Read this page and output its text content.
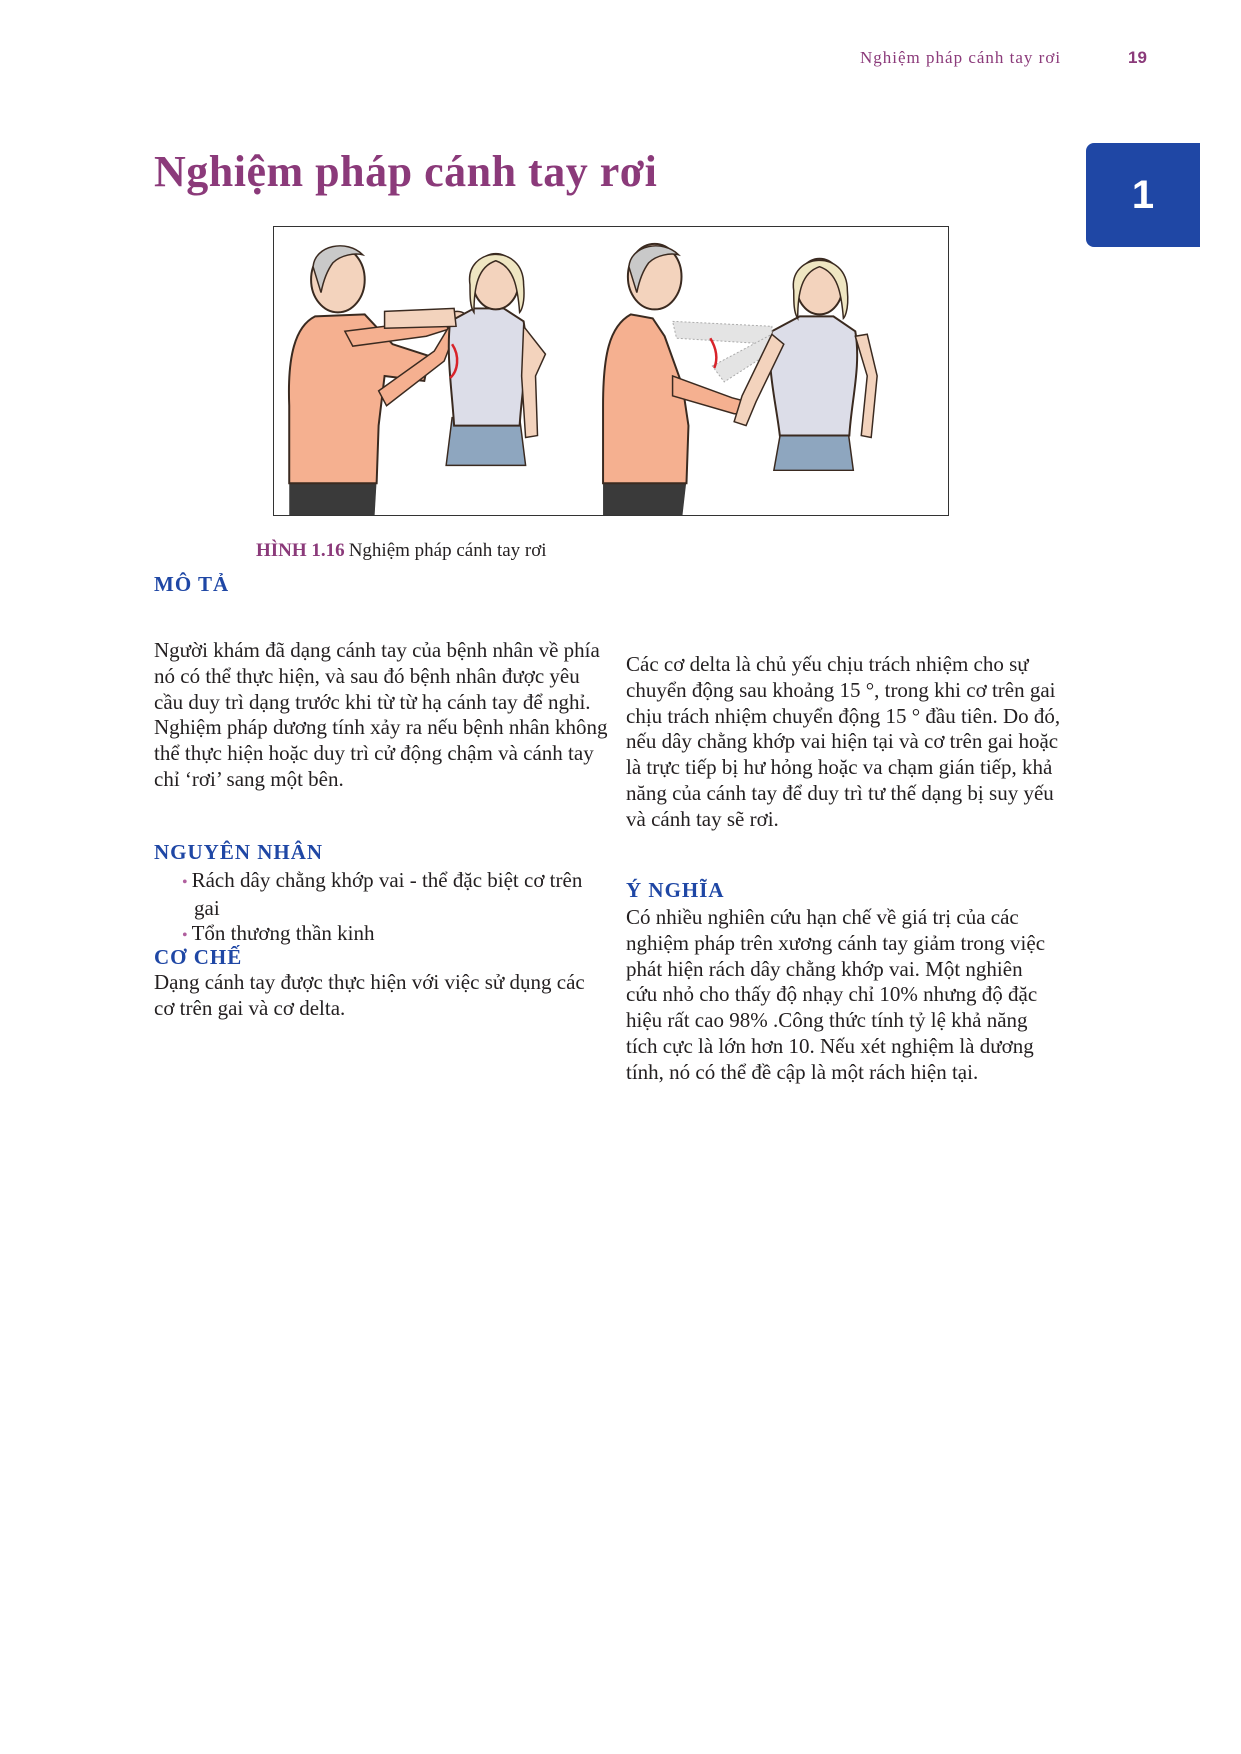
Nghiệm pháp cánh tay rơi	19
1
Nghiệm pháp cánh tay rơi
HÌNH 1.16 Nghiệm pháp cánh tay rơi
MÔ TẢ

Người khám đã dạng cánh tay của bệnh nhân về phía nó có thể thực hiện, và sau đó bệnh nhân được yêu cầu duy trì dạng trước khi từ từ hạ cánh tay để nghỉ. Nghiệm pháp dương tính xảy ra nếu bệnh nhân không thể thực hiện hoặc duy trì cử động chậm và cánh tay chỉ ‘rơi’ sang một bên.

NGUYÊN NHÂN
• Rách dây chằng khớp vai - thể đặc biệt cơ trên gai
• Tổn thương thần kinh
CƠ CHẾ

Dạng cánh tay được thực hiện với việc sử dụng các cơ trên gai và cơ delta.

Các cơ delta là chủ yếu chịu trách nhiệm cho sự chuyển động sau khoảng 15 °, trong khi cơ trên gai chịu trách nhiệm chuyển động 15 ° đầu tiên. Do đó, nếu dây chằng khớp vai hiện tại và cơ trên gai hoặc là trực tiếp bị hư hỏng hoặc va chạm gián tiếp, khả năng của cánh tay để duy trì tư thế dạng bị suy yếu và cánh tay sẽ rơi.

Ý NGHĨA

Có nhiều nghiên cứu hạn chế về giá trị của các nghiệm pháp trên xương cánh tay giảm trong việc phát hiện rách dây chằng khớp vai. Một nghiên cứu nhỏ cho thấy độ nhạy chỉ 10% nhưng độ đặc hiệu rất cao 98% .Công thức tính tỷ lệ khả năng tích cực là lớn hơn 10. Nếu xét nghiệm là dương tính, nó có thể đề cập là một rách hiện tại.
